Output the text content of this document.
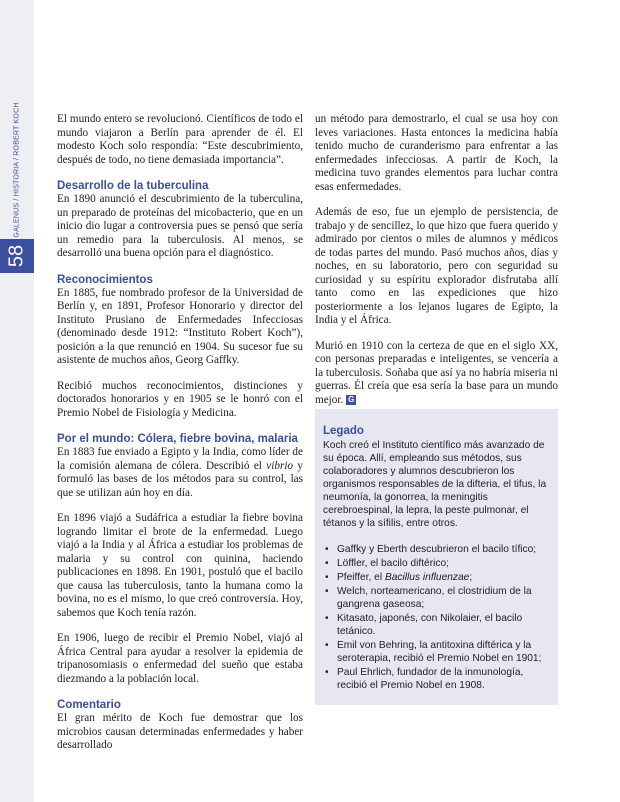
GALENUS / HISTORIA / ROBERT KOCH
58

El mundo entero se revolucionó. Científicos de todo el mundo viajaron a Berlín para aprender de él. El modesto Koch solo respondía: “Este descubrimiento, después de todo, no tiene demasiada importancia”.

Desarrollo de la tuberculina

En 1890 anunció el descubrimiento de la tuberculina, un preparado de proteínas del micobacterio, que en un inicio dio lugar a controversia pues se pensó que sería un remedio para la tuberculosis. Al menos, se desarrolló una buena opción para el diagnóstico.

Reconocimientos

En 1885, fue nombrado profesor de la Universidad de Berlín y, en 1891, Profesor Honorario y director del Instituto Prusiano de Enfermedades Infecciosas (denominado desde 1912: “Instituto Robert Koch”), posición a la que renunció en 1904. Su sucesor fue su asistente de muchos años, Georg Gaffky.

Recibió muchos reconocimientos, distinciones y doctorados honorarios y en 1905 se le honró con el Premio Nobel de Fisiología y Medicina.

Por el mundo: Cólera, fiebre bovina, malaria

En 1883 fue enviado a Egipto y la India, como líder de la comisión alemana de cólera. Describió el vibrio y formuló las bases de los métodos para su control, las que se utilizan aún hoy en día.

En 1896 viajó a Sudáfrica a estudiar la fiebre bovina logrando limitar el brote de la enfermedad. Luego viajó a la India y al África a estudiar los problemas de malaria y su control con quinina, haciendo publicaciones en 1898. En 1901, postuló que el bacilo que causa las tuberculosis, tanto la humana como la bovina, no es el mismo, lo que creó controversia. Hoy, sabemos que Koch tenía razón.

En 1906, luego de recibir el Premio Nobel, viajó al África Central para ayudar a resolver la epidemia de tripanosomiasis o enfermedad del sueño que estaba diezmando a la población local.

Comentario

El gran mérito de Koch fue demostrar que los microbios causan determinadas enfermedades y haber desarrollado

un método para demostrarlo, el cual se usa hoy con leves variaciones. Hasta entonces la medicina había tenido mucho de curanderismo para enfrentar a las enfermedades infecciosas. A partir de Koch, la medicina tuvo grandes elementos para luchar contra esas enfermedades.

Además de eso, fue un ejemplo de persistencia, de trabajo y de sencillez, lo que hizo que fuera querido y admirado por cientos o miles de alumnos y médicos de todas partes del mundo. Pasó muchos años, días y noches, en su laboratorio, pero con seguridad su curiosidad y su espíritu explorador disfrutaba allí tanto como en las expediciones que hizo posteriormente a los lejanos lugares de Egipto, la India y el África.

Murió en 1910 con la certeza de que en el siglo XX, con personas preparadas e inteligentes, se vencería a la tuberculosis. Soñaba que así ya no habría miseria ni guerras. Él creía que esa sería la base para un mundo mejor. G

Legado

Koch creó el Instituto científico más avanzado de su época. Allí, empleando sus métodos, sus colaboradores y alumnos descubrieron los organismos responsables de la difteria, el tifus, la neumonía, la gonorrea, la meningitis cerebroespinal, la lepra, la peste pulmonar, el tétanos y la sífilis, entre otros.

• Gaffky y Eberth descubrieron el bacilo tífico;
• Löffler, el bacilo diftérico;
• Pfeiffer, el Bacillus influenzae;
• Welch, norteamericano, el clostridium de la gangrena gaseosa;
• Kitasato, japonés, con Nikolaier, el bacilo tetánico.
• Emil von Behring, la antitoxina diftérica y la seroterapia, recibió el Premio Nobel en 1901;
• Paul Ehrlich, fundador de la inmunología, recibió el Premio Nobel en 1908.
